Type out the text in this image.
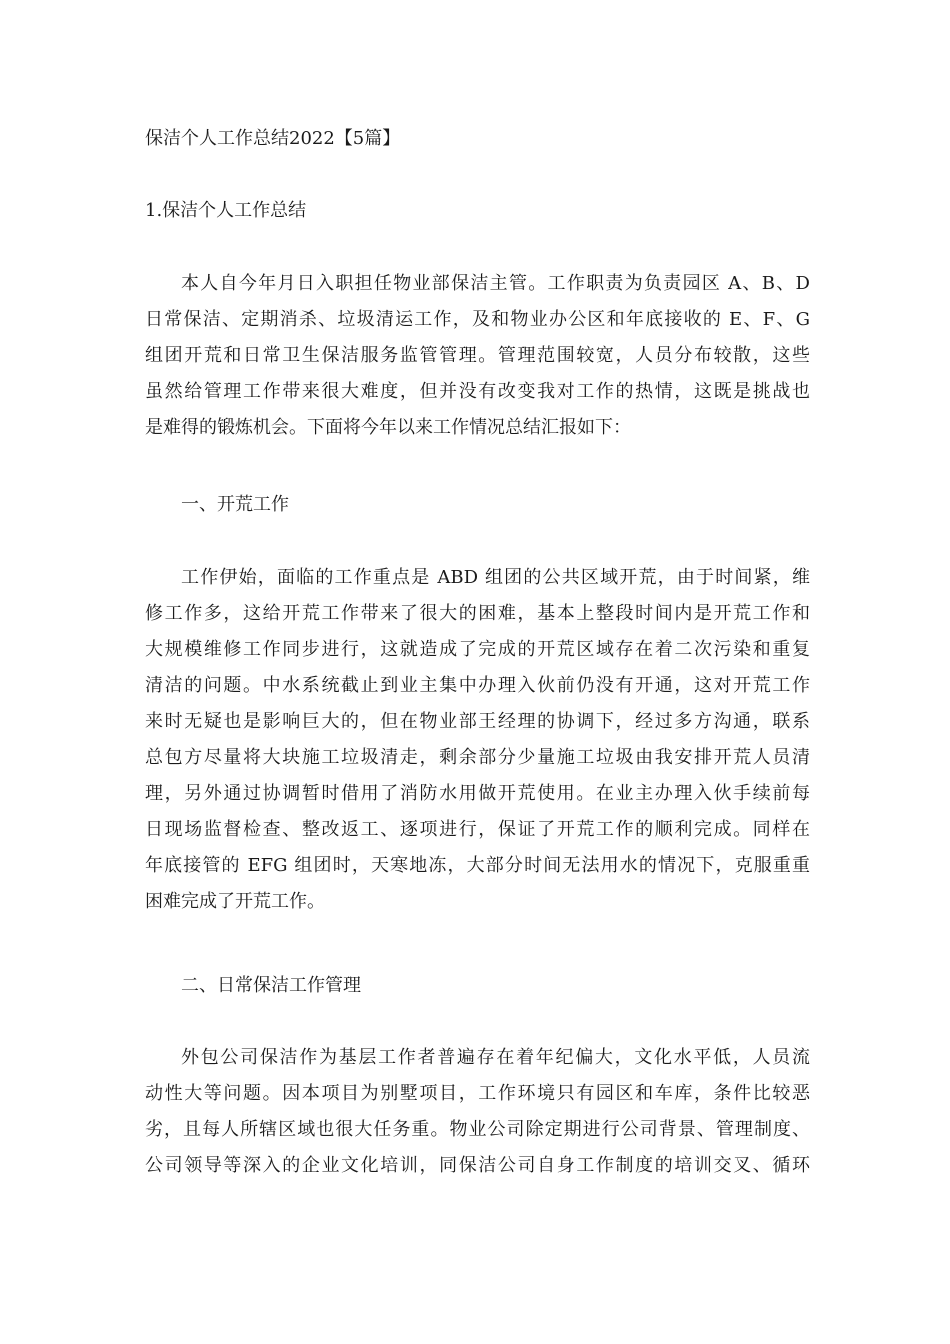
保洁个人工作总结2022【5篇】
1.保洁个人工作总结
本人自今年月日入职担任物业部保洁主管。工作职责为负责园区 A、B、D
日常保洁、定期消杀、垃圾清运工作，及和物业办公区和年底接收的 E、F、G
组团开荒和日常卫生保洁服务监管管理。管理范围较宽，人员分布较散，这些
虽然给管理工作带来很大难度，但并没有改变我对工作的热情，这既是挑战也
是难得的锻炼机会。下面将今年以来工作情况总结汇报如下：
一、开荒工作
工作伊始，面临的工作重点是 ABD 组团的公共区域开荒，由于时间紧，维
修工作多，这给开荒工作带来了很大的困难，基本上整段时间内是开荒工作和
大规模维修工作同步进行，这就造成了完成的开荒区域存在着二次污染和重复
清洁的问题。中水系统截止到业主集中办理入伙前仍没有开通，这对开荒工作
来时无疑也是影响巨大的，但在物业部王经理的协调下，经过多方沟通，联系
总包方尽量将大块施工垃圾清走，剩余部分少量施工垃圾由我安排开荒人员清
理，另外通过协调暂时借用了消防水用做开荒使用。在业主办理入伙手续前每
日现场监督检查、整改返工、逐项进行，保证了开荒工作的顺利完成。同样在
年底接管的 EFG 组团时，天寒地冻，大部分时间无法用水的情况下，克服重重
困难完成了开荒工作。
二、日常保洁工作管理
外包公司保洁作为基层工作者普遍存在着年纪偏大，文化水平低，人员流
动性大等问题。因本项目为别墅项目，工作环境只有园区和车库，条件比较恶
劣，且每人所辖区域也很大任务重。物业公司除定期进行公司背景、管理制度、
公司领导等深入的企业文化培训，同保洁公司自身工作制度的培训交叉、循环
